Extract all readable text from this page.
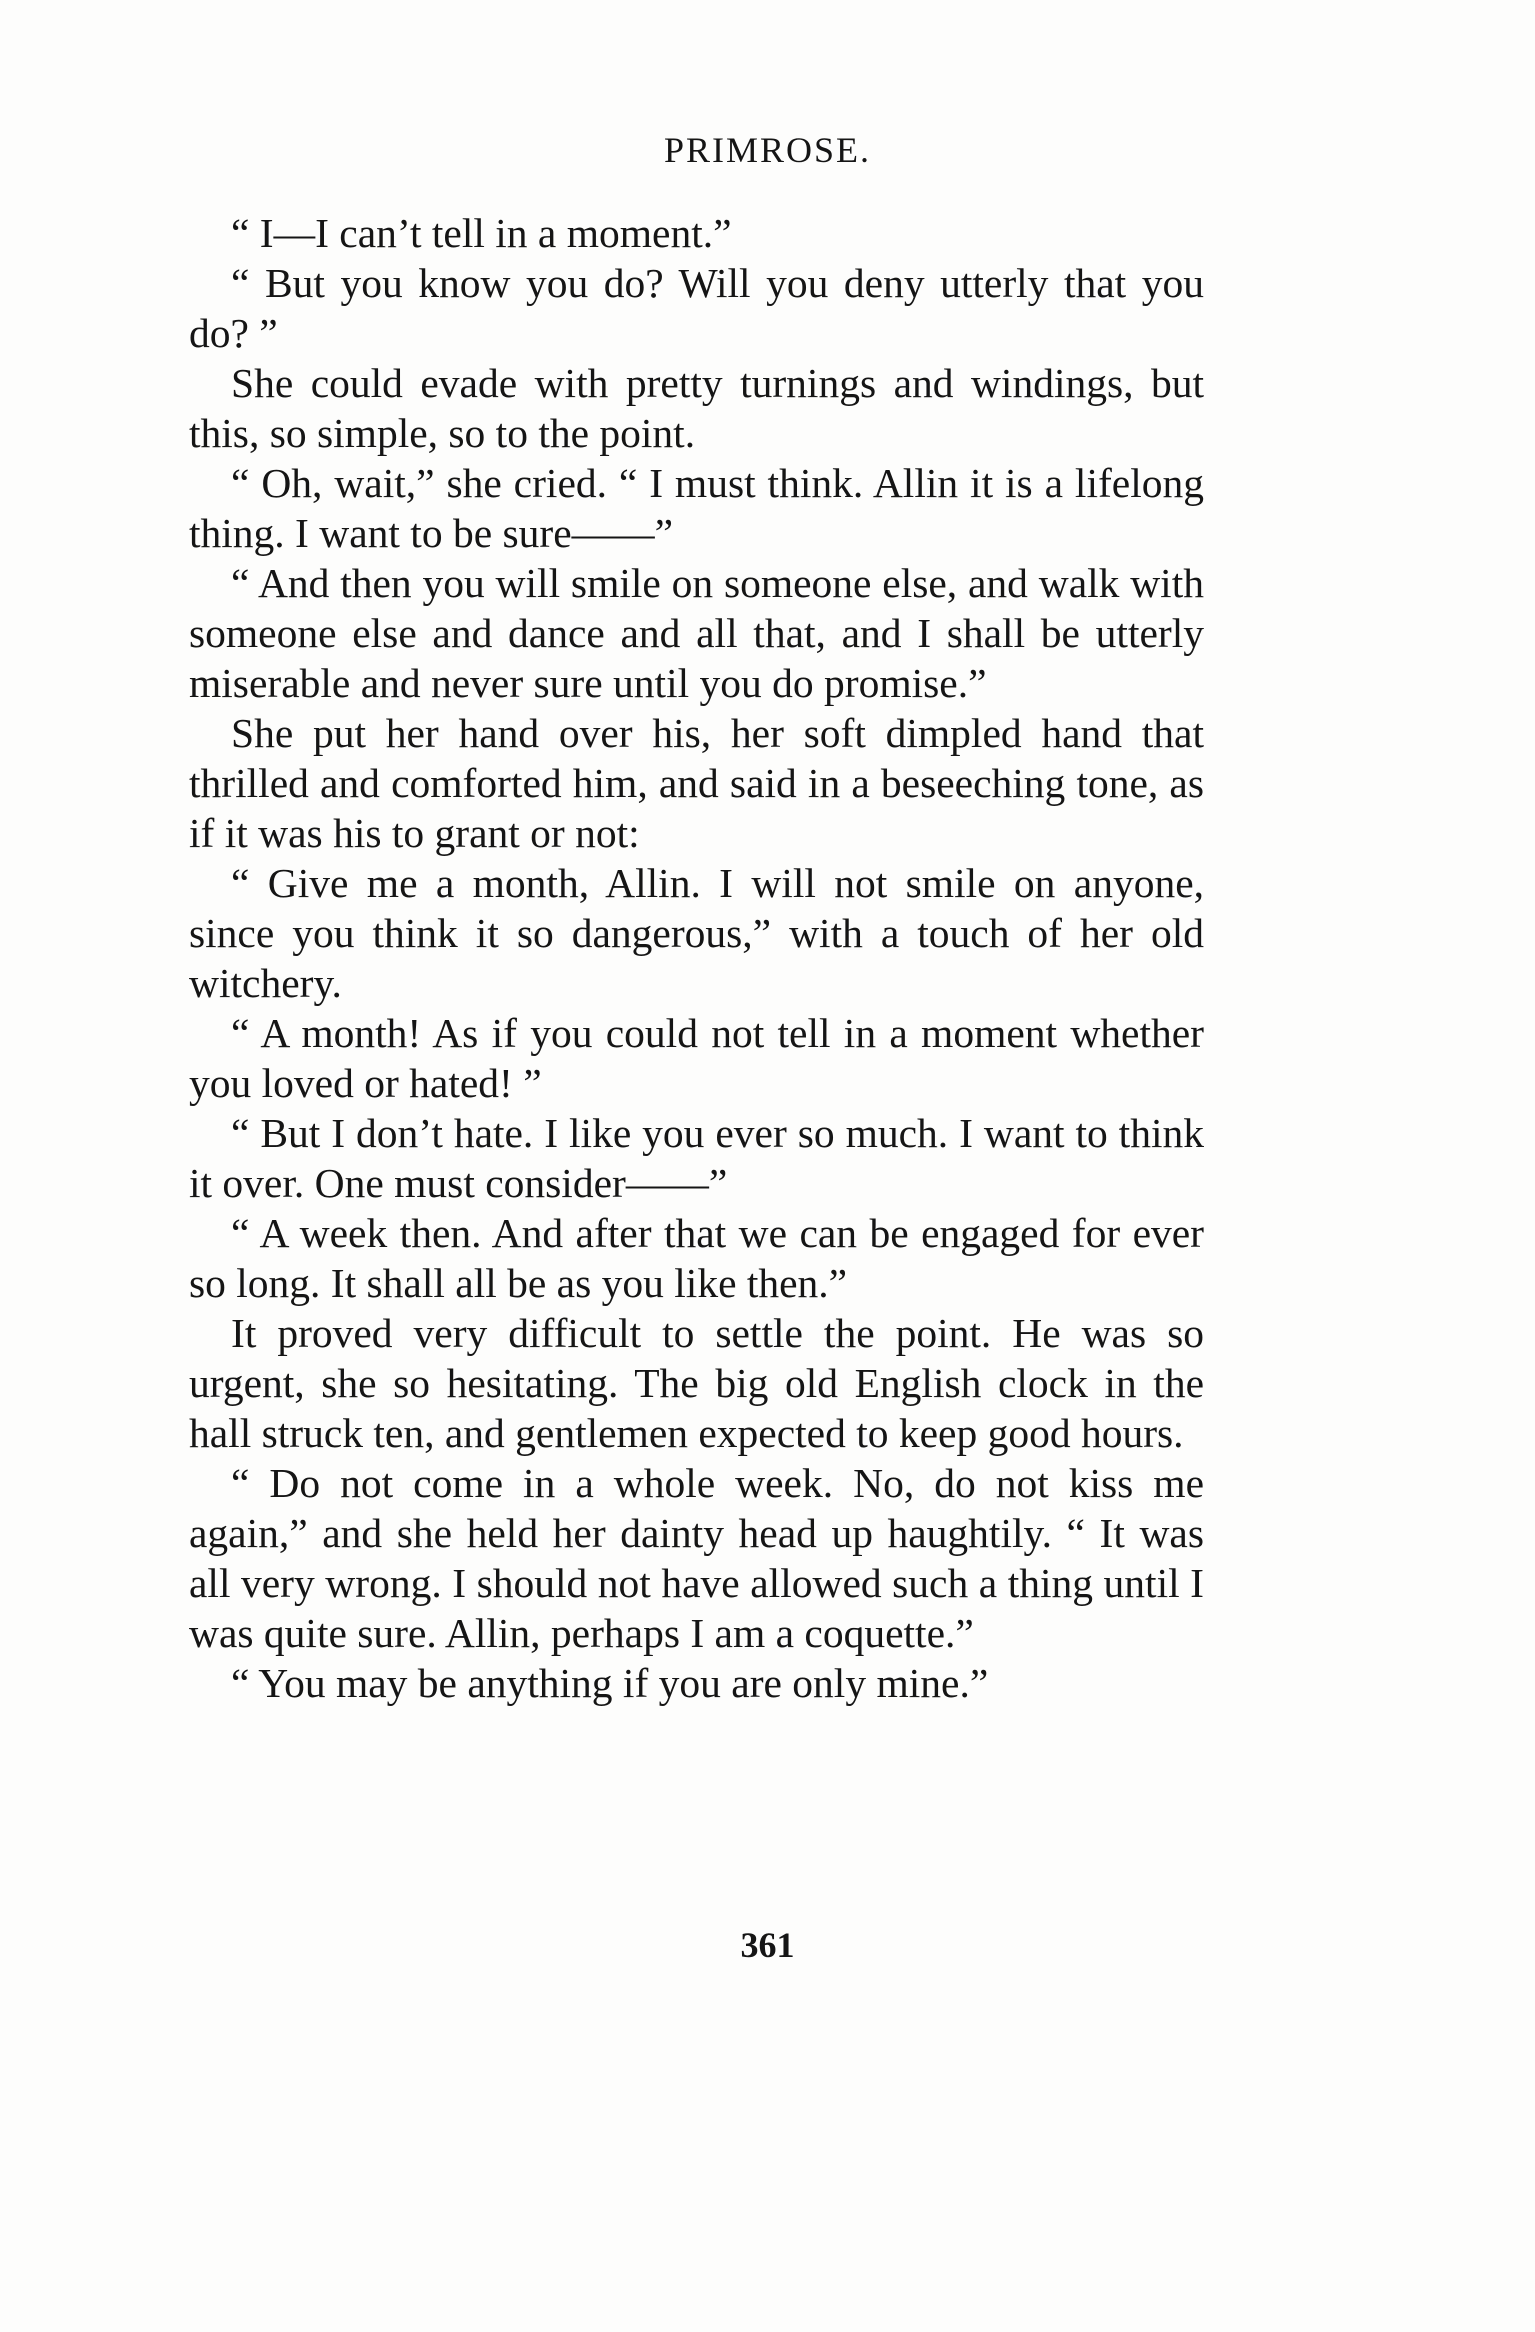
PRIMROSE.

“ I—I can’t tell in a moment.”

“ But you know you do? Will you deny utterly that you do? ”

She could evade with pretty turnings and windings, but this, so simple, so to the point.

“ Oh, wait,” she cried. “ I must think. Allin it is a lifelong thing. I want to be sure——”

“ And then you will smile on someone else, and walk with someone else and dance and all that, and I shall be utterly miserable and never sure until you do promise.”

She put her hand over his, her soft dimpled hand that thrilled and comforted him, and said in a beseeching tone, as if it was his to grant or not:

“ Give me a month, Allin. I will not smile on anyone, since you think it so dangerous,” with a touch of her old witchery.

“ A month! As if you could not tell in a moment whether you loved or hated! ”

“ But I don’t hate. I like you ever so much. I want to think it over. One must consider——”

“ A week then. And after that we can be engaged for ever so long. It shall all be as you like then.”

It proved very difficult to settle the point. He was so urgent, she so hesitating. The big old English clock in the hall struck ten, and gentlemen expected to keep good hours.

“ Do not come in a whole week. No, do not kiss me again,” and she held her dainty head up haughtily. “ It was all very wrong. I should not have allowed such a thing until I was quite sure. Allin, perhaps I am a coquette.”

“ You may be anything if you are only mine.”

361
